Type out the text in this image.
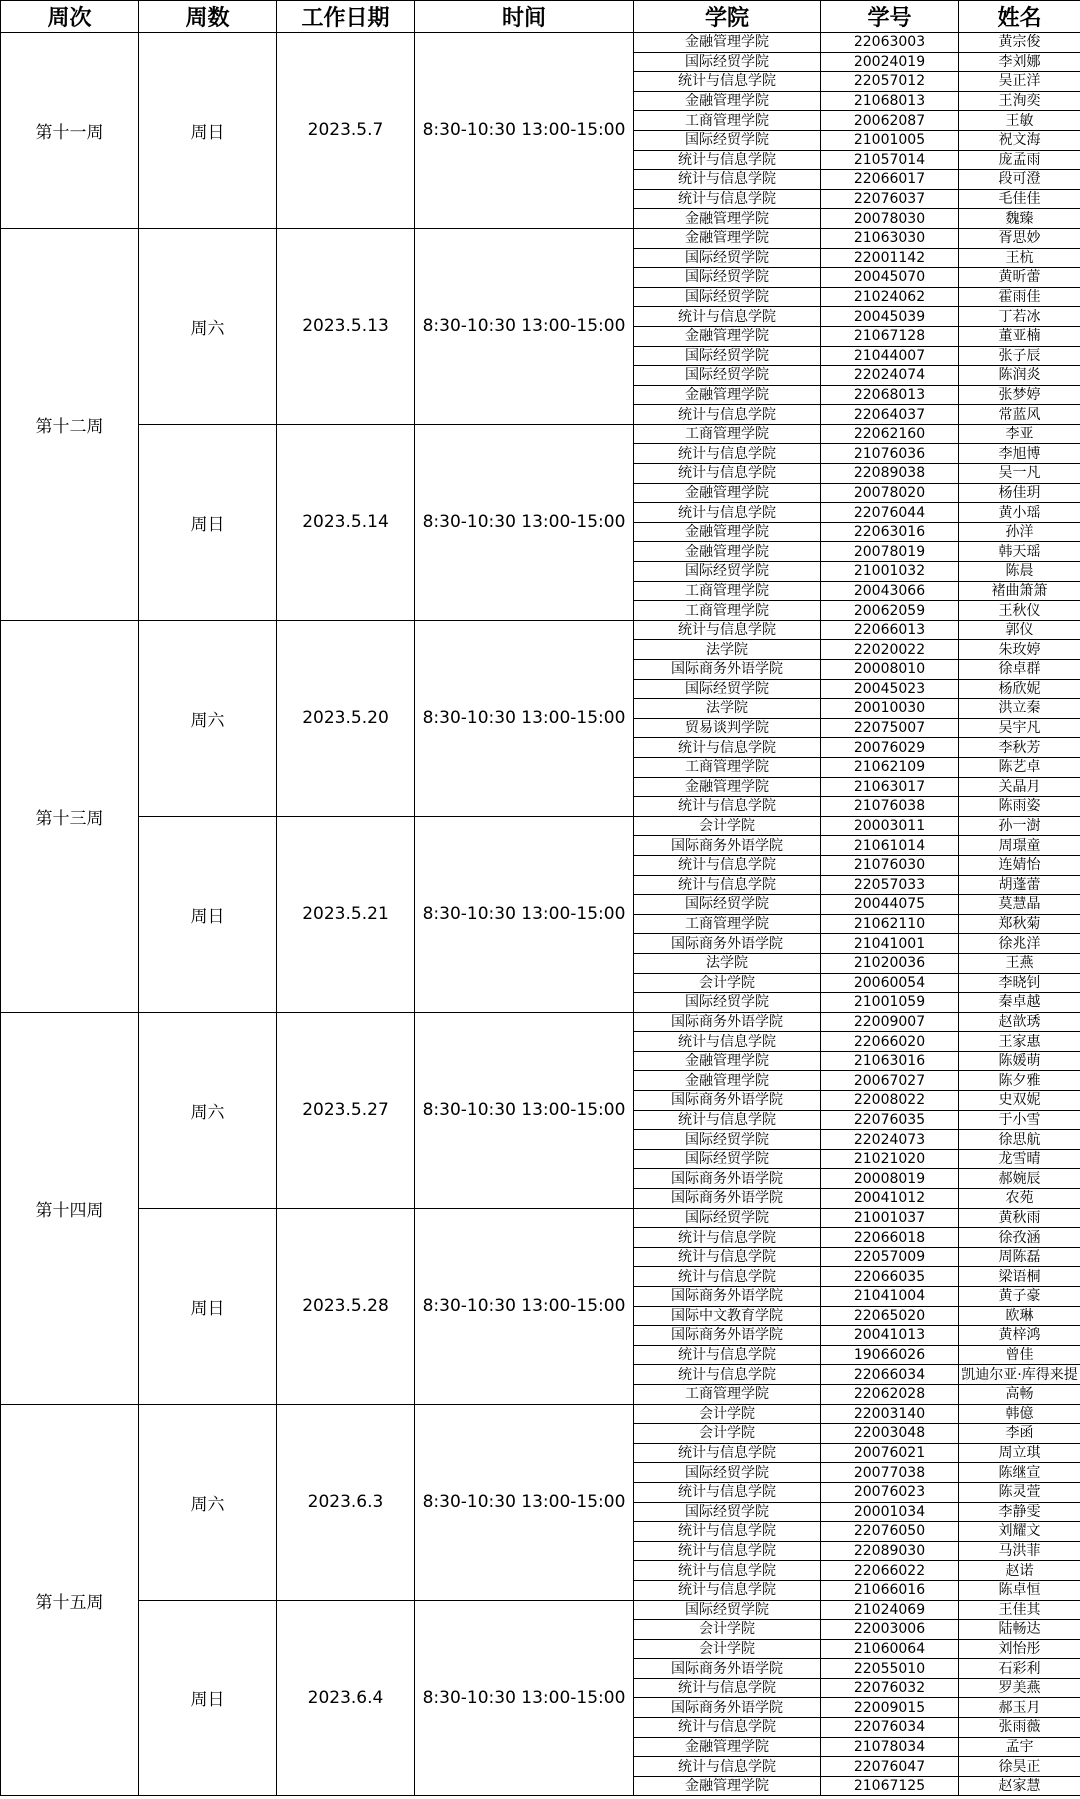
周次	周数	工作日期	时间	学院	学号	姓名
第十一周	周日	2023.5.7	8:30-10:30 13:00-15:00	金融管理学院	22063003	黄宗俊
				国际经贸学院	20024019	李刘娜
				统计与信息学院	22057012	吴正洋
				金融管理学院	21068013	王洵奕
				工商管理学院	20062087	王敏
				国际经贸学院	21001005	祝文海
				统计与信息学院	21057014	庞孟雨
				统计与信息学院	22066017	段可澄
				统计与信息学院	22076037	毛佳佳
				金融管理学院	20078030	魏臻
第十二周	周六	2023.5.13	8:30-10:30 13:00-15:00	金融管理学院	21063030	胥思妙
				国际经贸学院	22001142	王杭
				国际经贸学院	20045070	黄昕蕾
				国际经贸学院	21024062	霍雨佳
				统计与信息学院	20045039	丁若冰
				金融管理学院	21067128	董亚楠
				国际经贸学院	21044007	张子辰
				国际经贸学院	22024074	陈润炎
				金融管理学院	22068013	张梦婷
				统计与信息学院	22064037	常蓝风
	周日	2023.5.14	8:30-10:30 13:00-15:00	工商管理学院	22062160	李亚
				统计与信息学院	21076036	李旭博
				统计与信息学院	22089038	吴一凡
				金融管理学院	20078020	杨佳玥
				统计与信息学院	22076044	黄小瑶
				金融管理学院	22063016	孙洋
				金融管理学院	20078019	韩天瑶
				国际经贸学院	21001032	陈晨
				工商管理学院	20043066	褚曲箫箫
				工商管理学院	20062059	王秋仪
第十三周	周六	2023.5.20	8:30-10:30 13:00-15:00	统计与信息学院	22066013	郭仪
				法学院	22020022	朱玫婷
				国际商务外语学院	20008010	徐卓群
				国际经贸学院	20045023	杨欣妮
				法学院	20010030	洪立秦
				贸易谈判学院	22075007	吴宇凡
				统计与信息学院	20076029	李秋芳
				工商管理学院	21062109	陈艺卓
				金融管理学院	21063017	关晶月
				统计与信息学院	21076038	陈雨姿
	周日	2023.5.21	8:30-10:30 13:00-15:00	会计学院	20003011	孙一澍
				国际商务外语学院	21061014	周璟童
				统计与信息学院	21076030	连婧怡
				统计与信息学院	22057033	胡蓬蕾
				国际经贸学院	20044075	莫慧晶
				工商管理学院	21062110	郑秋菊
				国际商务外语学院	21041001	徐兆洋
				法学院	21020036	王燕
				会计学院	20060054	李晓钊
				国际经贸学院	21001059	秦卓越
第十四周	周六	2023.5.27	8:30-10:30 13:00-15:00	国际商务外语学院	22009007	赵歆琇
				统计与信息学院	22066020	王家惠
				金融管理学院	21063016	陈媛萌
				金融管理学院	20067027	陈夕雅
				国际商务外语学院	22008022	史双妮
				统计与信息学院	22076035	于小雪
				国际经贸学院	22024073	徐思航
				国际经贸学院	21021020	龙雪晴
				国际商务外语学院	20008019	郝婉辰
				国际商务外语学院	20041012	农苑
	周日	2023.5.28	8:30-10:30 13:00-15:00	国际经贸学院	21001037	黄秋雨
				统计与信息学院	22066018	徐孜涵
				统计与信息学院	22057009	周陈磊
				统计与信息学院	22066035	梁语桐
				国际商务外语学院	21041004	黄子豪
				国际中文教育学院	22065020	欧琳
				国际商务外语学院	20041013	黄梓鸿
				统计与信息学院	19066026	曾佳
				统计与信息学院	22066034	凯迪尔亚·库得来提
				工商管理学院	22062028	高畅
第十五周	周六	2023.6.3	8:30-10:30 13:00-15:00	会计学院	22003140	韩億
				会计学院	22003048	李函
				统计与信息学院	20076021	周立琪
				国际经贸学院	20077038	陈继宣
				统计与信息学院	20076023	陈灵萱
				国际经贸学院	20001034	李静雯
				统计与信息学院	22076050	刘耀文
				统计与信息学院	22089030	马洪菲
				统计与信息学院	22066022	赵诺
				统计与信息学院	21066016	陈卓恒
	周日	2023.6.4	8:30-10:30 13:00-15:00	国际经贸学院	21024069	王佳其
				会计学院	22003006	陆畅达
				会计学院	21060064	刘怡彤
				国际商务外语学院	22055010	石彩利
				统计与信息学院	22076032	罗美燕
				国际商务外语学院	22009015	郝玉月
				统计与信息学院	22076034	张雨薇
				金融管理学院	21078034	孟宇
				统计与信息学院	22076047	徐昊正
				金融管理学院	21067125	赵家慧
